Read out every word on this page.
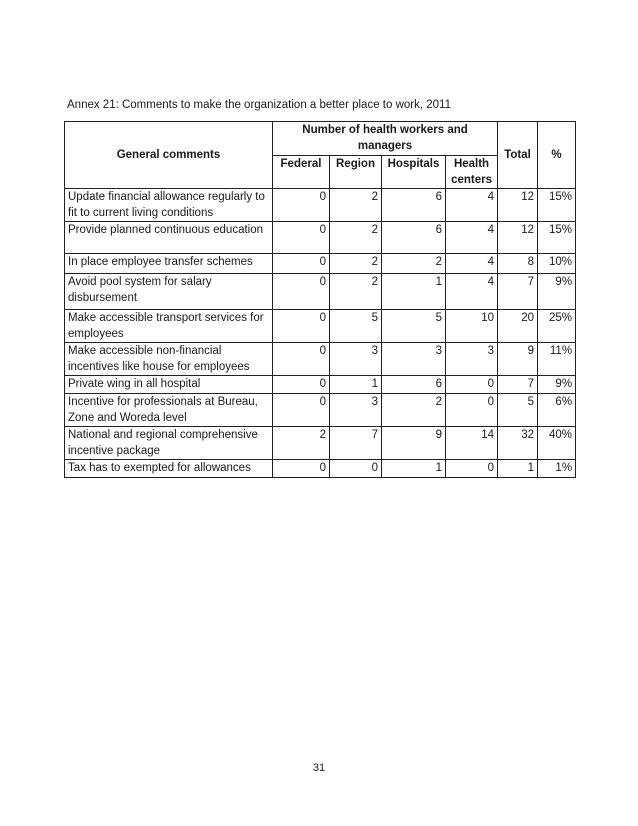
Annex 21: Comments to make the organization a better place to work, 2011
General comments	Number of health workers and managers				Total	%
	Federal	Region	Hospitals	Health centers		
Update financial allowance regularly to fit to current living conditions	0	2	6	4	12	15%
Provide planned continuous education	0	2	6	4	12	15%
In place employee transfer schemes	0	2	2	4	8	10%
Avoid pool system for salary disbursement	0	2	1	4	7	9%
Make accessible transport services for employees	0	5	5	10	20	25%
Make accessible non-financial incentives like house for employees	0	3	3	3	9	11%
Private wing in all hospital	0	1	6	0	7	9%
Incentive for professionals at Bureau, Zone and Woreda level	0	3	2	0	5	6%
National and regional comprehensive incentive package	2	7	9	14	32	40%
Tax has to exempted for allowances	0	0	1	0	1	1%
31
